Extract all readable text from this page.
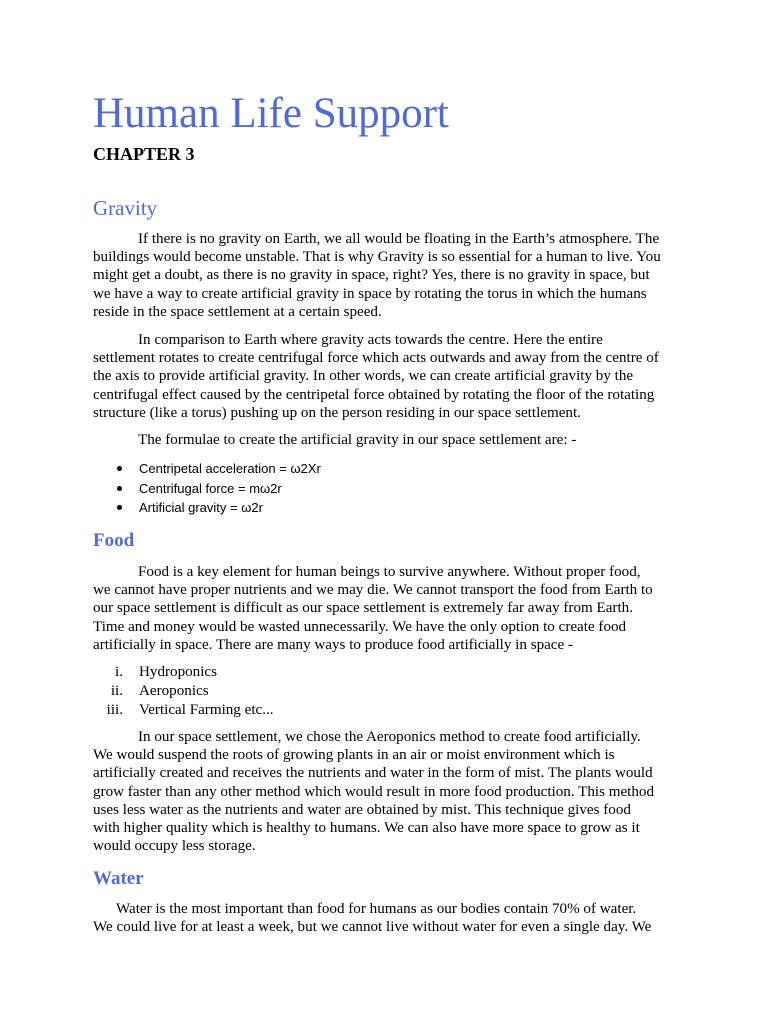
Human Life Support
CHAPTER 3
Gravity
If there is no gravity on Earth, we all would be floating in the Earth’s atmosphere. The
buildings would become unstable. That is why Gravity is so essential for a human to live. You
might get a doubt, as there is no gravity in space, right? Yes, there is no gravity in space, but
we have a way to create artificial gravity in space by rotating the torus in which the humans
reside in the space settlement at a certain speed.
In comparison to Earth where gravity acts towards the centre. Here the entire
settlement rotates to create centrifugal force which acts outwards and away from the centre of
the axis to provide artificial gravity. In other words, we can create artificial gravity by the
centrifugal effect caused by the centripetal force obtained by rotating the floor of the rotating
structure (like a torus) pushing up on the person residing in our space settlement.
The formulae to create the artificial gravity in our space settlement are: -
Centripetal acceleration = ω2Xr
Centrifugal force = mω2r
Artificial gravity = ω2r
Food
Food is a key element for human beings to survive anywhere. Without proper food,
we cannot have proper nutrients and we may die. We cannot transport the food from Earth to
our space settlement is difficult as our space settlement is extremely far away from Earth.
Time and money would be wasted unnecessarily. We have the only option to create food
artificially in space. There are many ways to produce food artificially in space -
i. Hydroponics
ii. Aeroponics
iii. Vertical Farming etc...
In our space settlement, we chose the Aeroponics method to create food artificially.
We would suspend the roots of growing plants in an air or moist environment which is
artificially created and receives the nutrients and water in the form of mist. The plants would
grow faster than any other method which would result in more food production. This method
uses less water as the nutrients and water are obtained by mist. This technique gives food
with higher quality which is healthy to humans. We can also have more space to grow as it
would occupy less storage.
Water
Water is the most important than food for humans as our bodies contain 70% of water.
We could live for at least a week, but we cannot live without water for even a single day. We
